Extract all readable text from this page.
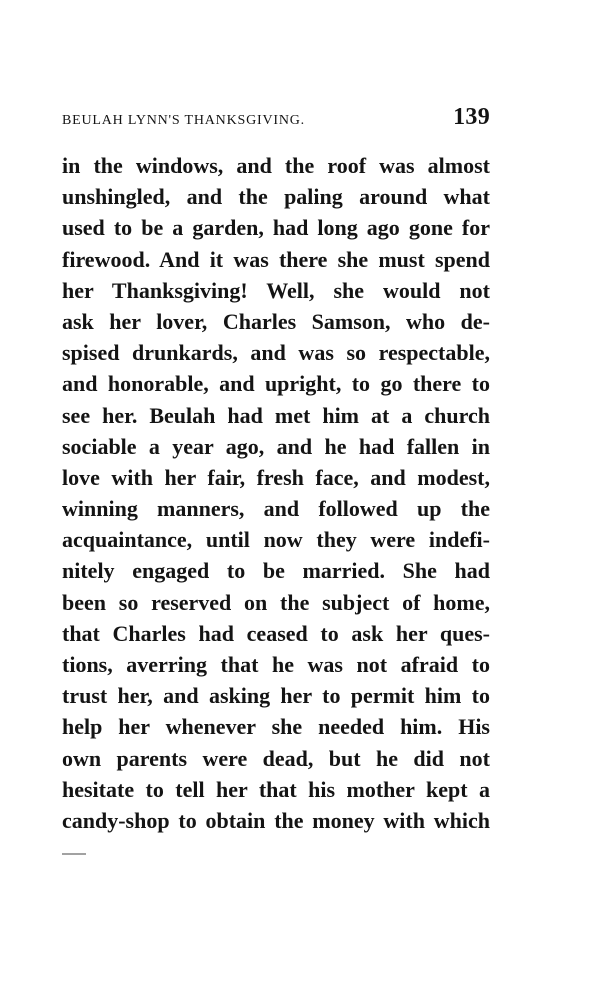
BEULAH LYNN'S THANKSGIVING.	139
in the windows, and the roof was almost
unshingled, and the paling around what
used to be a garden, had long ago gone for
firewood. And it was there she must spend
her Thanksgiving! Well, she would not
ask her lover, Charles Samson, who de-
spised drunkards, and was so respectable,
and honorable, and upright, to go there to
see her. Beulah had met him at a church
sociable a year ago, and he had fallen in
love with her fair, fresh face, and modest,
winning manners, and followed up the
acquaintance, until now they were indefi-
nitely engaged to be married. She had
been so reserved on the subject of home,
that Charles had ceased to ask her ques-
tions, averring that he was not afraid to
trust her, and asking her to permit him to
help her whenever she needed him. His
own parents were dead, but he did not
hesitate to tell her that his mother kept a
candy-shop to obtain the money with which
